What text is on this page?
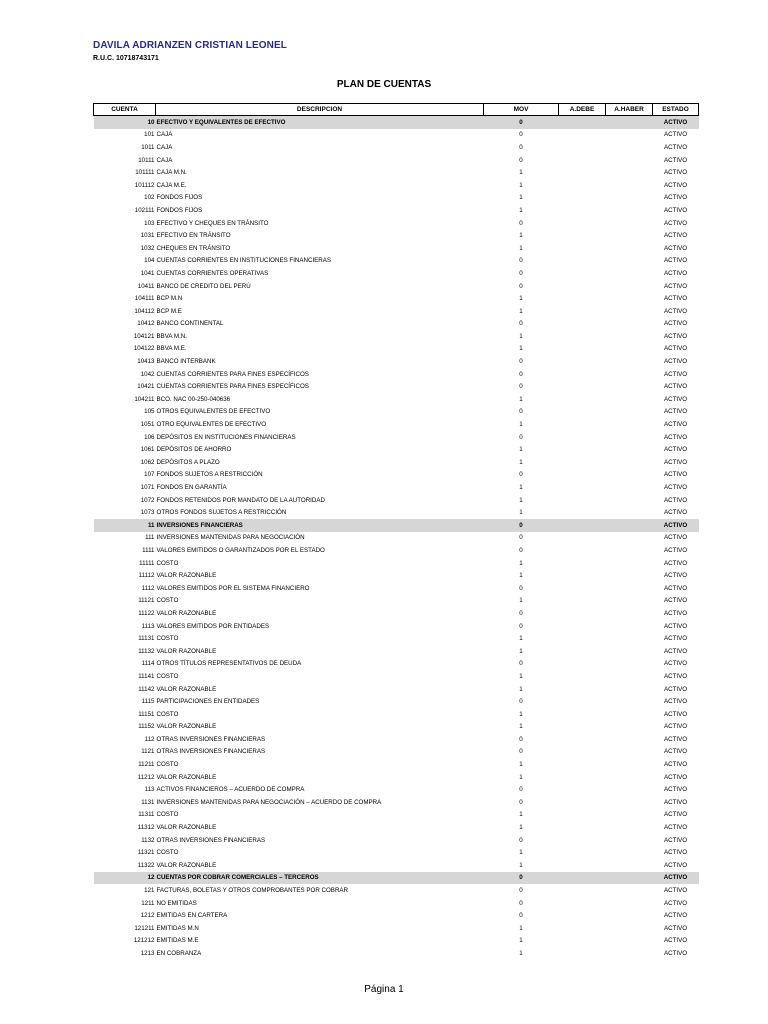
DAVILA ADRIANZEN CRISTIAN LEONEL
R.U.C. 10718743171
PLAN DE CUENTAS
CUENTA	DESCRIPCION	MOV	A.DEBE	A.HABER	ESTADO
10	EFECTIVO Y EQUIVALENTES DE EFECTIVO	0			ACTIVO
101	CAJA	0			ACTIVO
1011	CAJA	0			ACTIVO
10111	CAJA	0			ACTIVO
101111	CAJA M.N.	1			ACTIVO
101112	CAJA M.E.	1			ACTIVO
102	FONDOS FIJOS	1			ACTIVO
102111	FONDOS FIJOS	1			ACTIVO
103	EFECTIVO Y CHEQUES EN TRÁNSITO	0			ACTIVO
1031	EFECTIVO EN TRÁNSITO	1			ACTIVO
1032	CHEQUES EN TRÁNSITO	1			ACTIVO
104	CUENTAS CORRIENTES EN INSTITUCIONES FINANCIERAS	0			ACTIVO
1041	CUENTAS CORRIENTES OPERATIVAS	0			ACTIVO
10411	BANCO DE CREDITO DEL PERÚ	0			ACTIVO
104111	BCP M.N	1			ACTIVO
104112	BCP M.E	1			ACTIVO
10412	BANCO CONTINENTAL	0			ACTIVO
104121	BBVA M.N.	1			ACTIVO
104122	BBVA M.E.	1			ACTIVO
10413	BANCO INTERBANK	0			ACTIVO
1042	CUENTAS CORRIENTES PARA FINES ESPECÍFICOS	0			ACTIVO
10421	CUENTAS CORRIENTES PARA FINES ESPECÍFICOS	0			ACTIVO
104211	BCO. NAC 00-250-040636	1			ACTIVO
105	OTROS EQUIVALENTES DE EFECTIVO	0			ACTIVO
1051	OTRO EQUIVALENTES DE EFECTIVO	1			ACTIVO
106	DEPÓSITOS EN INSTITUCIONES FINANCIERAS	0			ACTIVO
1061	DEPÓSITOS DE AHORRO	1			ACTIVO
1062	DEPÓSITOS A PLAZO	1			ACTIVO
107	FONDOS SUJETOS A RESTRICCIÓN	0			ACTIVO
1071	FONDOS EN GARANTÍA	1			ACTIVO
1072	FONDOS RETENIDOS POR MANDATO DE LA AUTORIDAD	1			ACTIVO
1073	OTROS FONDOS SUJETOS A RESTRICCIÓN	1			ACTIVO
11	INVERSIONES FINANCIERAS	0			ACTIVO
111	INVERSIONES MANTENIDAS PARA NEGOCIACIÓN	0			ACTIVO
1111	VALORES EMITIDOS O GARANTIZADOS POR EL ESTADO	0			ACTIVO
11111	COSTO	1			ACTIVO
11112	VALOR RAZONABLE	1			ACTIVO
1112	VALORES EMITIDOS POR EL SISTEMA FINANCIERO	0			ACTIVO
11121	COSTO	1			ACTIVO
11122	VALOR RAZONABLE	0			ACTIVO
1113	VALORES EMITIDOS POR ENTIDADES	0			ACTIVO
11131	COSTO	1			ACTIVO
11132	VALOR RAZONABLE	1			ACTIVO
1114	OTROS TÍTULOS REPRESENTATIVOS DE DEUDA	0			ACTIVO
11141	COSTO	1			ACTIVO
11142	VALOR RAZONABLE	1			ACTIVO
1115	PARTICIPACIONES EN ENTIDADES	0			ACTIVO
11151	COSTO	1			ACTIVO
11152	VALOR RAZONABLE	1			ACTIVO
112	OTRAS INVERSIONES FINANCIERAS	0			ACTIVO
1121	OTRAS INVERSIONES FINANCIERAS	0			ACTIVO
11211	COSTO	1			ACTIVO
11212	VALOR RAZONABLE	1			ACTIVO
113	ACTIVOS FINANCIEROS – ACUERDO DE COMPRA	0			ACTIVO
1131	INVERSIONES MANTENIDAS PARA NEGOCIACIÓN – ACUERDO DE COMPRA	0			ACTIVO
11311	COSTO	1			ACTIVO
11312	VALOR RAZONABLE	1			ACTIVO
1132	OTRAS INVERSIONES FINANCIERAS	0			ACTIVO
11321	COSTO	1			ACTIVO
11322	VALOR RAZONABLE	1			ACTIVO
12	CUENTAS POR COBRAR COMERCIALES – TERCEROS	0			ACTIVO
121	FACTURAS, BOLETAS Y OTROS COMPROBANTES POR COBRAR	0			ACTIVO
1211	NO EMITIDAS	0			ACTIVO
1212	EMITIDAS EN CARTERA	0			ACTIVO
121211	EMITIDAS M.N	1			ACTIVO
121212	EMITIDAS M.E	1			ACTIVO
1213	EN COBRANZA	1			ACTIVO
Página 1
